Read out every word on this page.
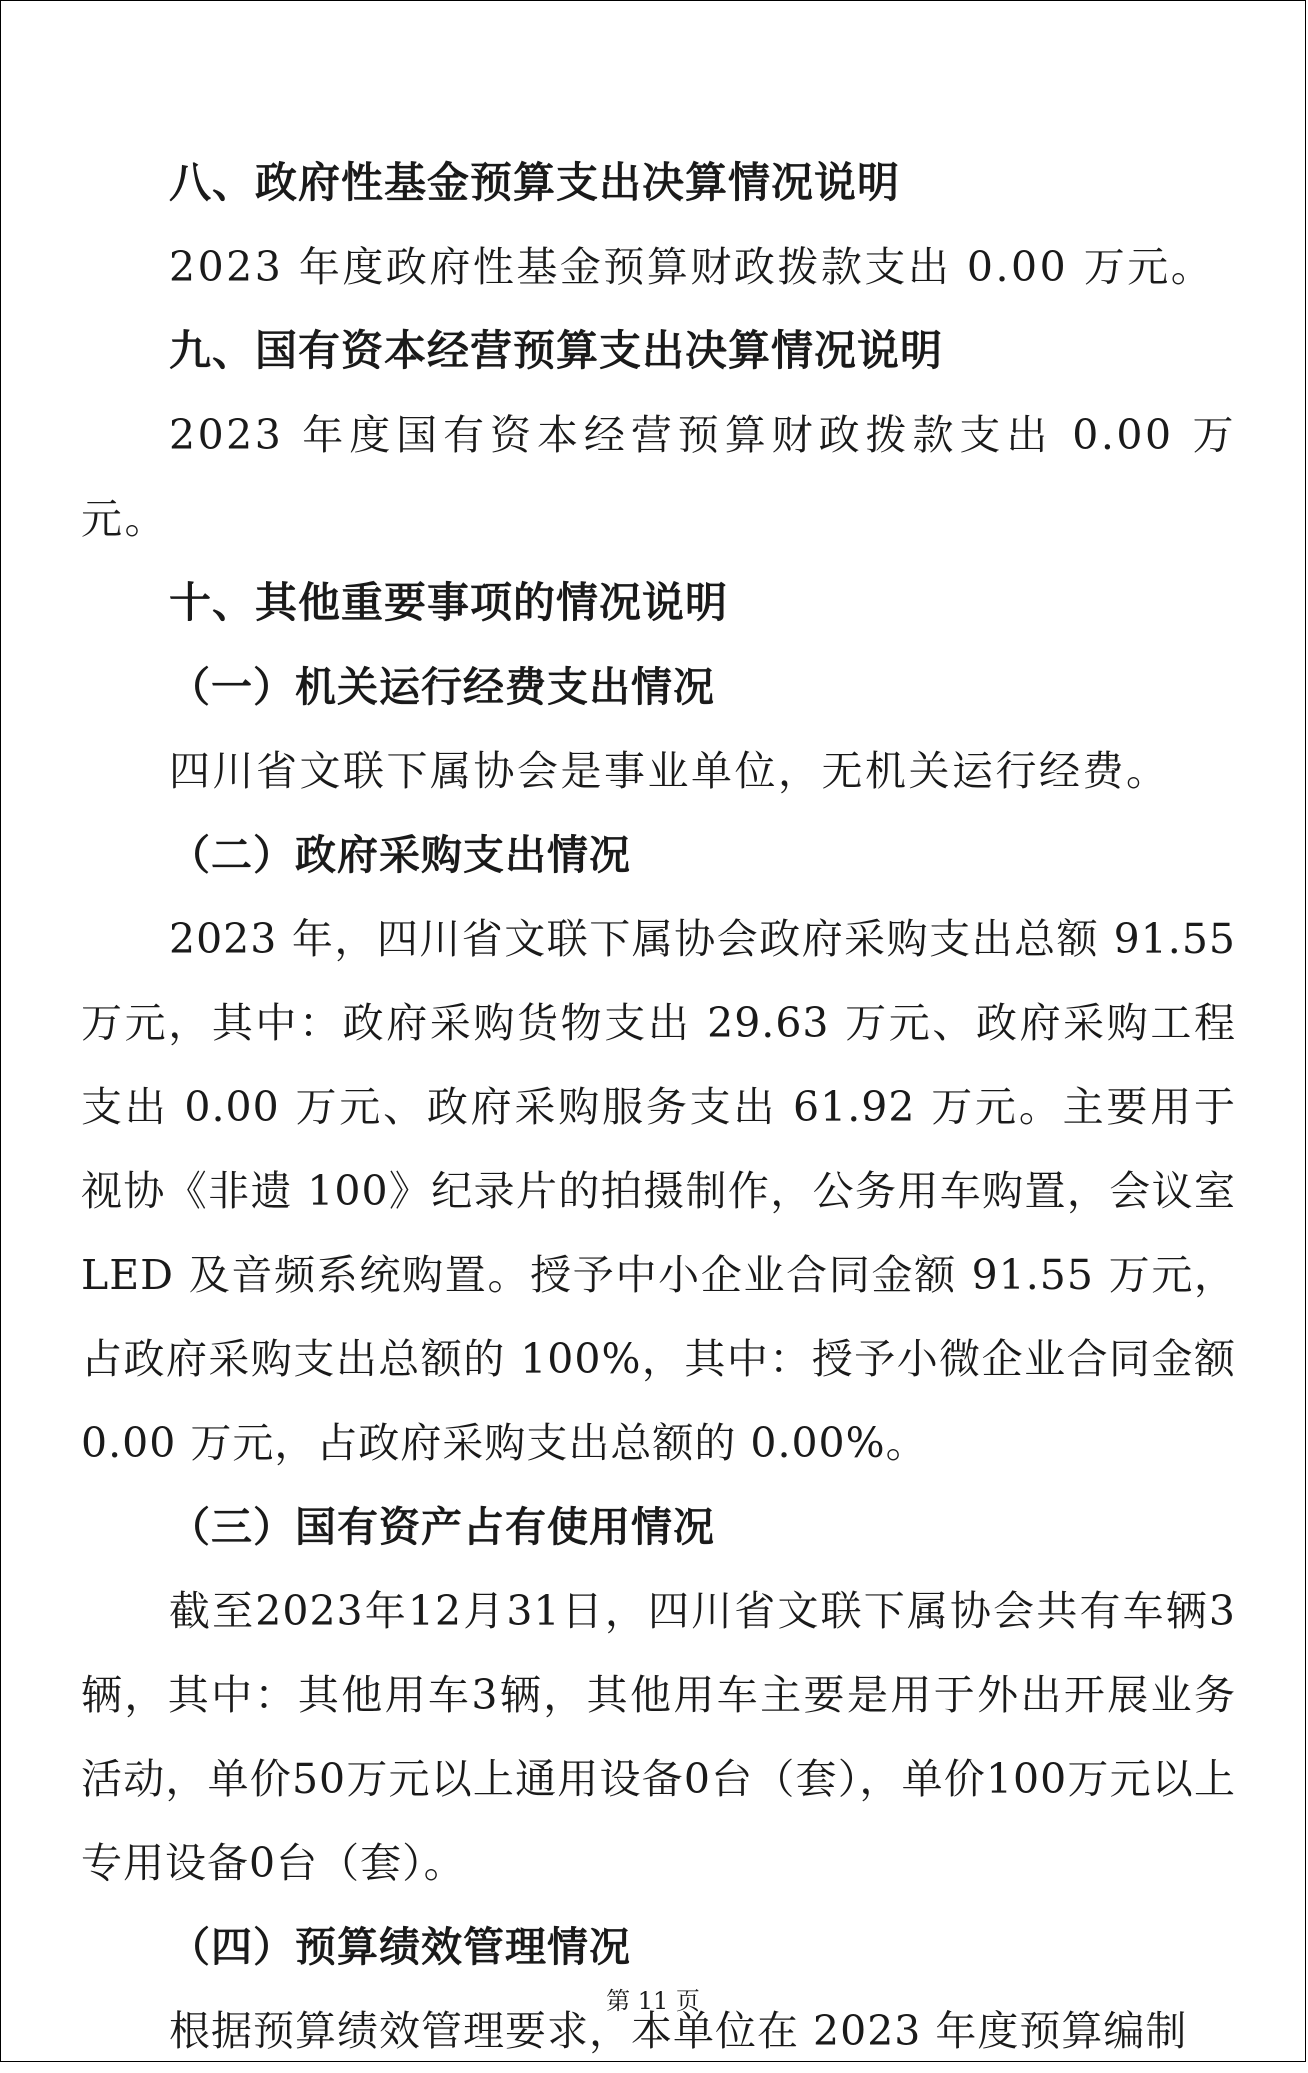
八、政府性基金预算支出决算情况说明

2023 年度政府性基金预算财政拨款支出 0.00 万元。

九、国有资本经营预算支出决算情况说明

2023 年度国有资本经营预算财政拨款支出 0.00 万元。

十、其他重要事项的情况说明
（一）机关运行经费支出情况

四川省文联下属协会是事业单位，无机关运行经费。

（二）政府采购支出情况

2023 年，四川省文联下属协会政府采购支出总额 91.55 万元，其中：政府采购货物支出 29.63 万元、政府采购工程支出 0.00 万元、政府采购服务支出 61.92 万元。主要用于视协《非遗 100》纪录片的拍摄制作，公务用车购置，会议室 LED 及音频系统购置。授予中小企业合同金额 91.55 万元，占政府采购支出总额的 100%，其中：授予小微企业合同金额 0.00 万元，占政府采购支出总额的 0.00%。

（三）国有资产占有使用情况

截至2023年12月31日，四川省文联下属协会共有车辆3辆，其中：其他用车3辆，其他用车主要是用于外出开展业务活动，单价50万元以上通用设备0台（套），单价100万元以上专用设备0台（套）。

（四）预算绩效管理情况

根据预算绩效管理要求，本单位在 2023 年度预算编制

第 11 页
